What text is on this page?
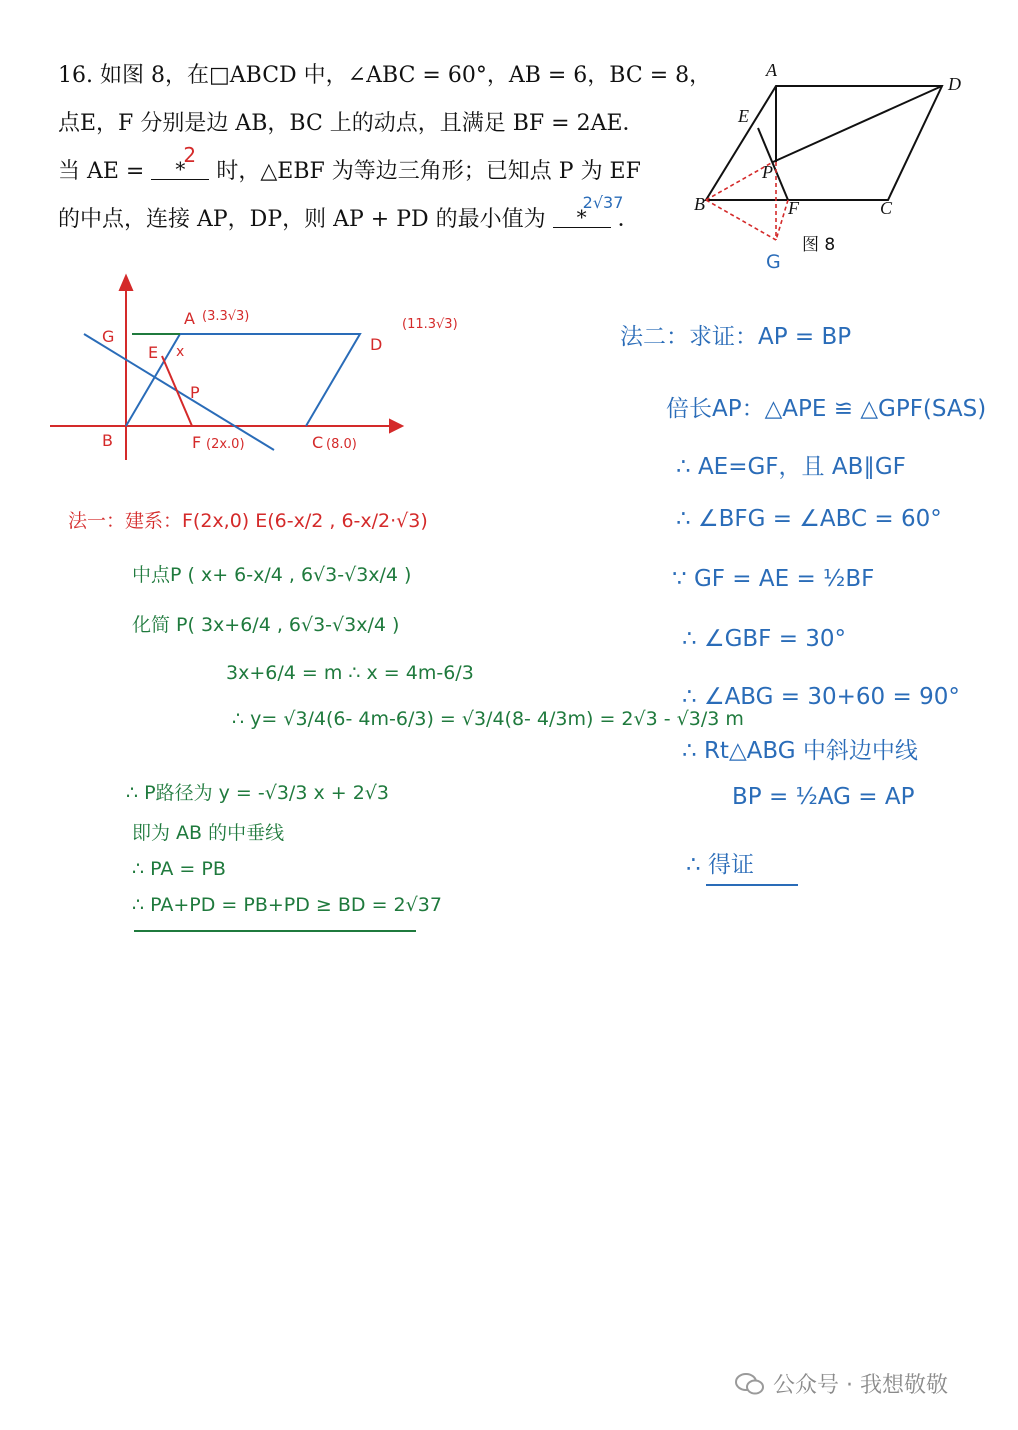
16. 如图 8，在□ABCD 中，∠ABC = 60°，AB = 6，BC = 8，
点E，F 分别是边 AB，BC 上的动点，且满足 BF = 2AE．
当 AE = *
2
时，△EBF 为等边三角形；已知点 P 为 EF
的中点，连接 AP，DP，则 AP + PD 的最小值为 *
2√37
．
A
D
E
P
B	F	C
图 8
G
G
A (3.3√3)
(11.3√3)
D
E x
P
B	F (2x.0)	C (8.0)
法一：建系：F(2x,0) E(6-x/2 , 6-x/2·√3)
中点P ( x+ 6-x/4 , 6√3-√3x/4 )
化简 P( 3x+6/4 , 6√3-√3x/4 )
3x+6/4 = m ∴ x = 4m-6/3
∴ y= √3/4(6- 4m-6/3) = √3/4(8- 4/3m) = 2√3 - √3/3 m
∴ P路径为 y = -√3/3 x + 2√3
即为 AB 的中垂线
∴ PA = PB
∴ PA+PD = PB+PD ≥ BD = 2√37
法二：求证：AP = BP
倍长AP：△APE ≌ △GPF(SAS)
∴ AE=GF，且 AB∥GF
∴ ∠BFG = ∠ABC = 60°
∵ GF = AE = ½BF
∴ ∠GBF = 30°
∴ ∠ABG = 30+60 = 90°
∴ Rt△ABG 中斜边中线
BP = ½AG = AP
∴ 得证
公众号 · 我想敬敬
